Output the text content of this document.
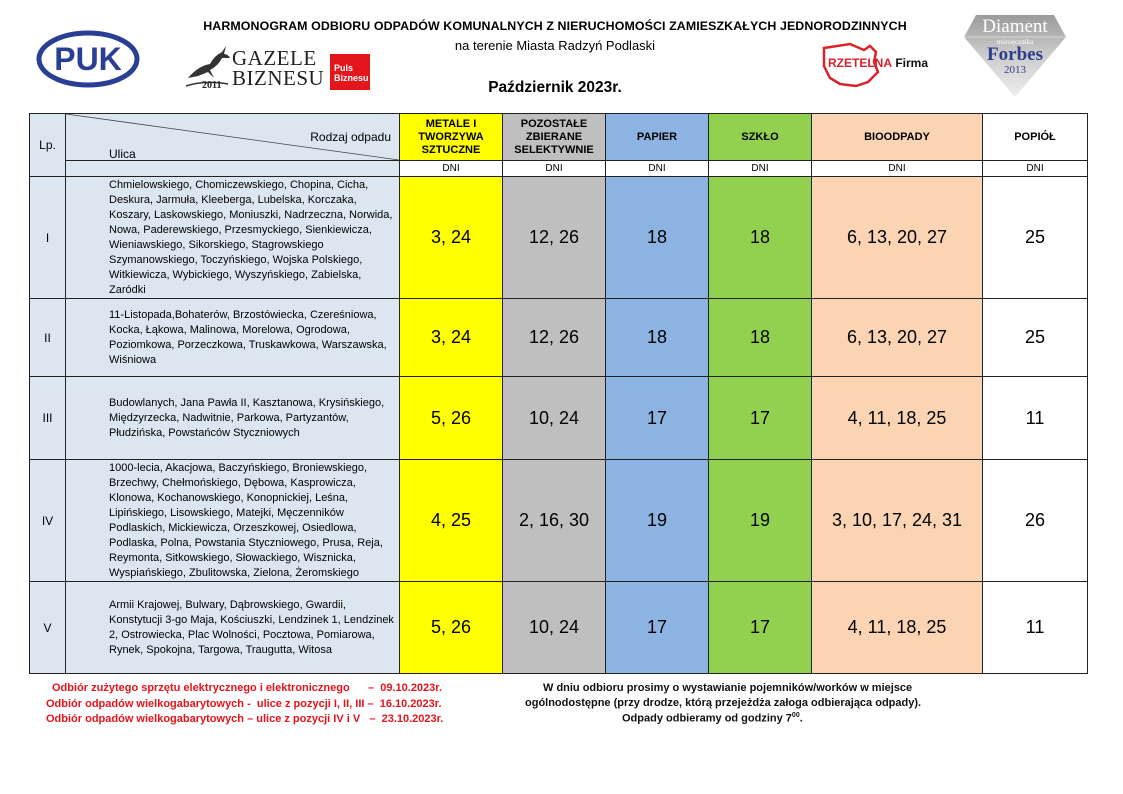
PUK	GAZELE BIZNESU
2011
Puls Biznesu
HARMONOGRAM ODBIORU ODPADÓW KOMUNALNYCH Z NIERUCHOMOŚCI ZAMIESZKAŁYCH JEDNORODZINNYCH
na terenie Miasta Radzyń Podlaski
Październik 2023r.
RZETELNA Firma
Diament
miesięcznika
Forbes
2013
Lp.	Rodzaj odpadu
Ulica	METALE I TWORZYWA SZTUCZNE	POZOSTAŁE ZBIERANE SELEKTYWNIE	PAPIER	SZKŁO	BIOODPADY	POPIÓŁ
		DNI	DNI	DNI	DNI	DNI	DNI
I	Chmielowskiego, Chomiczewskiego, Chopina, Cicha, Deskura, Jarmuła, Kleeberga, Lubelska, Korczaka, Koszary, Laskowskiego, Moniuszki, Nadrzeczna, Norwida, Nowa, Paderewskiego, Przesmyckiego, Sienkiewicza, Wieniawskiego, Sikorskiego, Stagrowskiego Szymanowskiego, Toczyńskiego, Wojska Polskiego, Witkiewicza, Wybickiego, Wyszyńskiego, Zabielska, Zaródki	3, 24	12, 26	18	18	6, 13, 20, 27	25
II	11-Listopada,Bohaterów, Brzostówiecka, Czereśniowa, Kocka, Łąkowa, Malinowa, Morelowa, Ogrodowa, Poziomkowa, Porzeczkowa, Truskawkowa, Warszawska, Wiśniowa	3, 24	12, 26	18	18	6, 13, 20, 27	25
III	Budowlanych, Jana Pawła II, Kasztanowa, Krysińskiego, Międzyrzecka, Nadwitnie, Parkowa, Partyzantów, Płudzińska, Powstańców Styczniowych	5, 26	10, 24	17	17	4, 11, 18, 25	11
IV	1000-lecia, Akacjowa, Baczyńskiego, Broniewskiego, Brzechwy, Chełmońskiego, Dębowa, Kasprowicza, Klonowa, Kochanowskiego, Konopnickiej, Leśna, Lipińskiego, Lisowskiego, Matejki, Męczenników Podlaskich, Mickiewicza, Orzeszkowej, Osiedlowa, Podlaska, Polna, Powstania Styczniowego, Prusa, Reja, Reymonta, Sitkowskiego, Słowackiego, Wisznicka, Wyspiańskiego, Zbulitowska, Zielona, Żeromskiego	4, 25	2, 16, 30	19	19	3, 10, 17, 24, 31	26
V	Armii Krajowej, Bulwary, Dąbrowskiego, Gwardii, Konstytucji 3-go Maja, Kościuszki, Lendzinek 1, Lendzinek 2, Ostrowiecka, Plac Wolności, Pocztowa, Pomiarowa, Rynek, Spokojna, Targowa, Traugutta, Witosa	5, 26	10, 24	17	17	4, 11, 18, 25	11
Odbiór zużytego sprzętu elektrycznego i elektronicznego      –  09.10.2023r.
Odbiór odpadów wielkogabarytowych -  ulice z pozycji I, II, III –  16.10.2023r.
Odbiór odpadów wielkogabarytowych – ulice z pozycji IV i V   –  23.10.2023r.
W dniu odbioru prosimy o wystawianie pojemników/worków w miejsce
ogólnodostępne (przy drodze, którą przejeżdża załoga odbierająca odpady).
Odpady odbieramy od godziny $7^{00}$.
